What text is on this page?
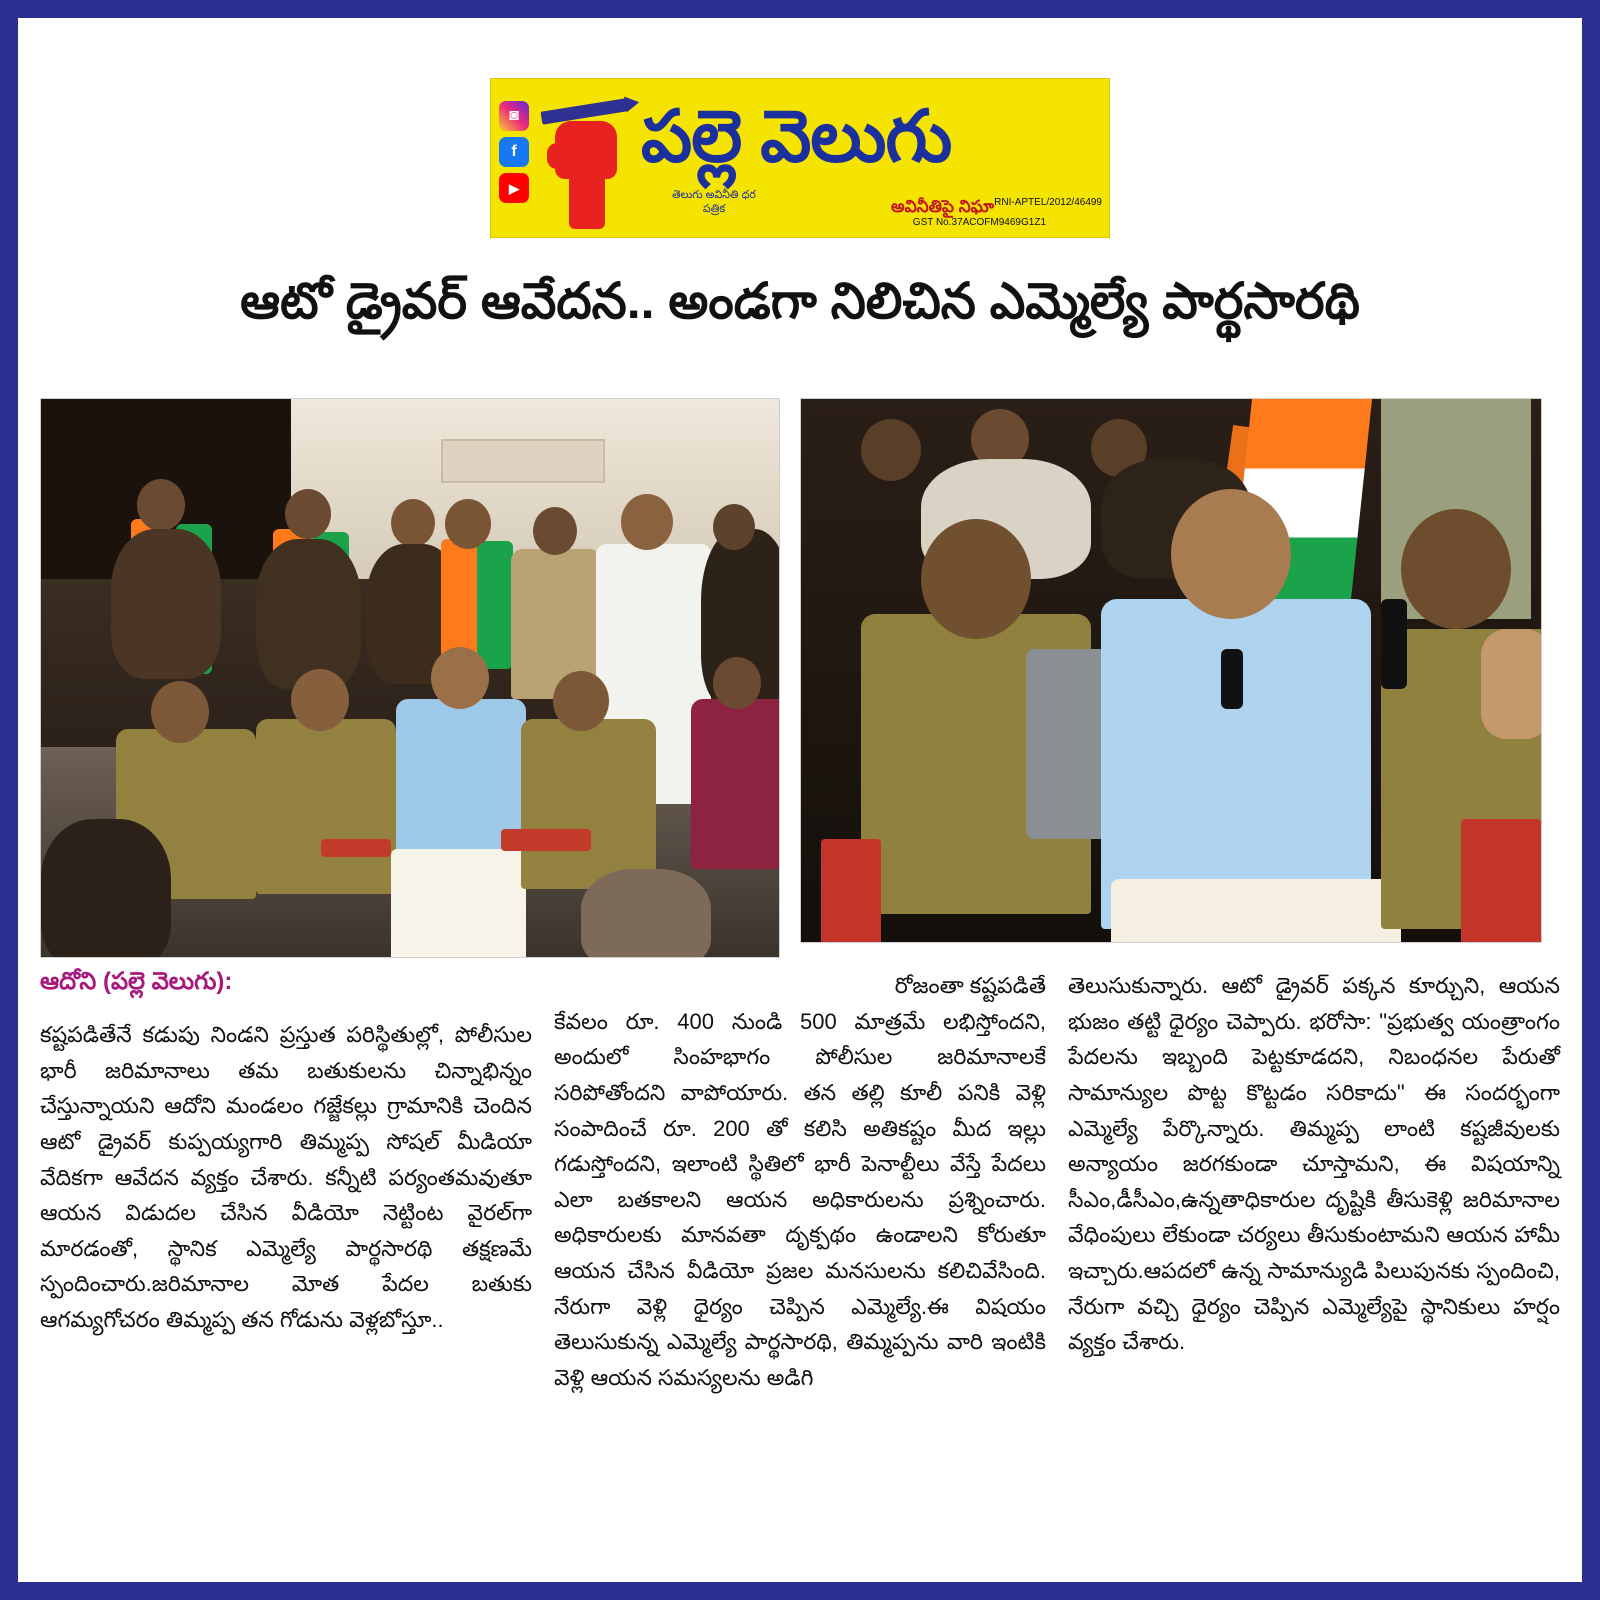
◙
f
▶
పల్లె వెలుగు
తెలుగు అవినీతి ధర పత్రిక	అవినీతిపై నిఘా RNI-APTEL/2012/46499
GST No.37ACOFM9469G1Z1
ఆటో డ్రైవర్ ఆవేదన.. అండగా నిలిచిన ఎమ్మెల్యే పార్థసారథి
ఆదోని (పల్లె వెలుగు):

కష్టపడితేనే కడుపు నిండని ప్రస్తుత పరిస్థితుల్లో, పోలీసుల భారీ జరిమానాలు తమ బతుకులను చిన్నాభిన్నం చేస్తున్నాయని ఆదోని మండలం గజ్జేకల్లు గ్రామానికి చెందిన ఆటో డ్రైవర్ కుప్పయ్యగారి తిమ్మప్ప సోషల్ మీడియా వేదికగా ఆవేదన వ్యక్తం చేశారు. కన్నీటి పర్యంతమవుతూ ఆయన విడుదల చేసిన వీడియో నెట్టింట వైరల్‌గా మారడంతో, స్థానిక ఎమ్మెల్యే పార్థసారథి తక్షణమే స్పందించారు.జరిమానాల మోత పేదల బతుకు ఆగమ్యగోచరం తిమ్మప్ప తన గోడును వెళ్లబోస్తూ..

రోజంతా కష్టపడితే

కేవలం రూ. 400 నుండి 500 మాత్రమే లభిస్తోందని, అందులో సింహభాగం పోలీసుల జరిమానాలకే సరిపోతోందని వాపోయారు. తన తల్లి కూలీ పనికి వెళ్లి సంపాదించే రూ. 200 తో కలిసి అతికష్టం మీద ఇల్లు గడుస్తోందని, ఇలాంటి స్థితిలో భారీ పెనాల్టీలు వేస్తే పేదలు ఎలా బతకాలని ఆయన అధికారులను ప్రశ్నించారు. అధికారులకు మానవతా దృక్పథం ఉండాలని కోరుతూ ఆయన చేసిన వీడియో ప్రజల మనసులను కలిచివేసింది. నేరుగా వెళ్లి ధైర్యం చెప్పిన ఎమ్మెల్యే.ఈ విషయం తెలుసుకున్న ఎమ్మెల్యే పార్థసారథి, తిమ్మప్పను వారి ఇంటికి వెళ్లి ఆయన సమస్యలను అడిగి

తెలుసుకున్నారు. ఆటో డ్రైవర్ పక్కన కూర్చుని, ఆయన భుజం తట్టి ధైర్యం చెప్పారు. భరోసా: "ప్రభుత్వ యంత్రాంగం పేదలను ఇబ్బంది పెట్టకూడదని, నిబంధనల పేరుతో సామాన్యుల పొట్ట కొట్టడం సరికాదు" ఈ సందర్భంగా ఎమ్మెల్యే పేర్కొన్నారు. తిమ్మప్ప లాంటి కష్టజీవులకు అన్యాయం జరగకుండా చూస్తామని, ఈ విషయాన్ని సీఎం,డీసీఎం,ఉన్నతాధికారుల దృష్టికి తీసుకెళ్లి జరిమానాల వేధింపులు లేకుండా చర్యలు తీసుకుంటామని ఆయన హామీ ఇచ్చారు.ఆపదలో ఉన్న సామాన్యుడి పిలుపునకు స్పందించి, నేరుగా వచ్చి ధైర్యం చెప్పిన ఎమ్మెల్యేపై స్థానికులు హర్షం వ్యక్తం చేశారు.
